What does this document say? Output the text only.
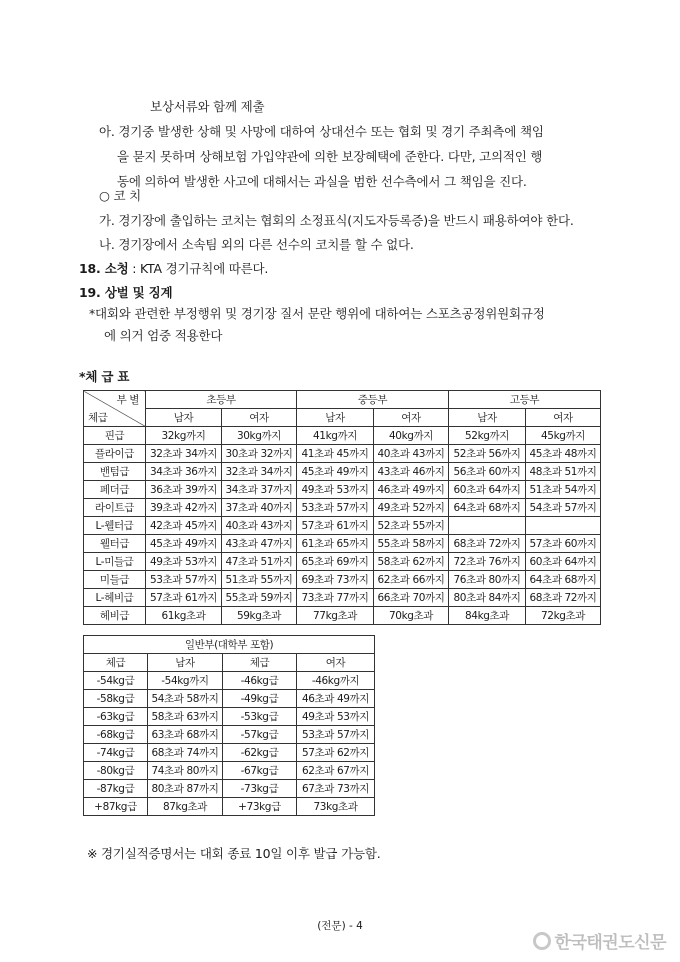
보상서류와 함께 제출
아. 경기중 발생한 상해 및 사망에 대하여 상대선수 또는 협회 및 경기 주최측에 책임
을 묻지 못하며 상해보험 가입약관에 의한 보장혜택에 준한다. 다만, 고의적인 행
동에 의하여 발생한 사고에 대해서는 과실을 범한 선수측에서 그 책임을 진다.
○ 코 치
가. 경기장에 출입하는 코치는 협회의 소정표식(지도자등록증)을 반드시 패용하여야 한다.
나. 경기장에서 소속팀 외의 다른 선수의 코치를 할 수 없다.
18. 소청 : KTA 경기규칙에 따른다.
19. 상벌 및 징계
*대회와 관련한 부정행위 및 경기장 질서 문란 행위에 대하여는 스포츠공정위원회규정
에 의거 엄중 적용한다
*체 급 표
부 별
체급	초등부		중등부		고등부	
	남자	여자	남자	여자	남자	여자
핀급	32kg까지	30kg까지	41kg까지	40kg까지	52kg까지	45kg까지
플라이급	32초과 34까지	30초과 32까지	41초과 45까지	40초과 43까지	52초과 56까지	45초과 48까지
밴텀급	34초과 36까지	32초과 34까지	45초과 49까지	43초과 46까지	56초과 60까지	48초과 51까지
페더급	36초과 39까지	34초과 37까지	49초과 53까지	46초과 49까지	60초과 64까지	51초과 54까지
라이트급	39초과 42까지	37초과 40까지	53초과 57까지	49초과 52까지	64초과 68까지	54초과 57까지
L-웰터급	42초과 45까지	40초과 43까지	57초과 61까지	52초과 55까지		
웰터급	45초과 49까지	43초과 47까지	61초과 65까지	55초과 58까지	68초과 72까지	57초과 60까지
L-미들급	49초과 53까지	47초과 51까지	65초과 69까지	58초과 62까지	72초과 76까지	60초과 64까지
미들급	53초과 57까지	51초과 55까지	69초과 73까지	62초과 66까지	76초과 80까지	64초과 68까지
L-헤비급	57초과 61까지	55초과 59까지	73초과 77까지	66초과 70까지	80초과 84까지	68초과 72까지
헤비급	61kg초과	59kg초과	77kg초과	70kg초과	84kg초과	72kg초과
일반부(대학부 포함)			
체급	남자	체급	여자
-54kg급	-54kg까지	-46kg급	-46kg까지
-58kg급	54초과 58까지	-49kg급	46초과 49까지
-63kg급	58초과 63까지	-53kg급	49초과 53까지
-68kg급	63초과 68까지	-57kg급	53초과 57까지
-74kg급	68초과 74까지	-62kg급	57초과 62까지
-80kg급	74초과 80까지	-67kg급	62초과 67까지
-87kg급	80초과 87까지	-73kg급	67초과 73까지
+87kg급	87kg초과	+73kg급	73kg초과
※ 경기실적증명서는 대회 종료 10일 이후 발급 가능함.
(전문) - 4
한국태권도신문
